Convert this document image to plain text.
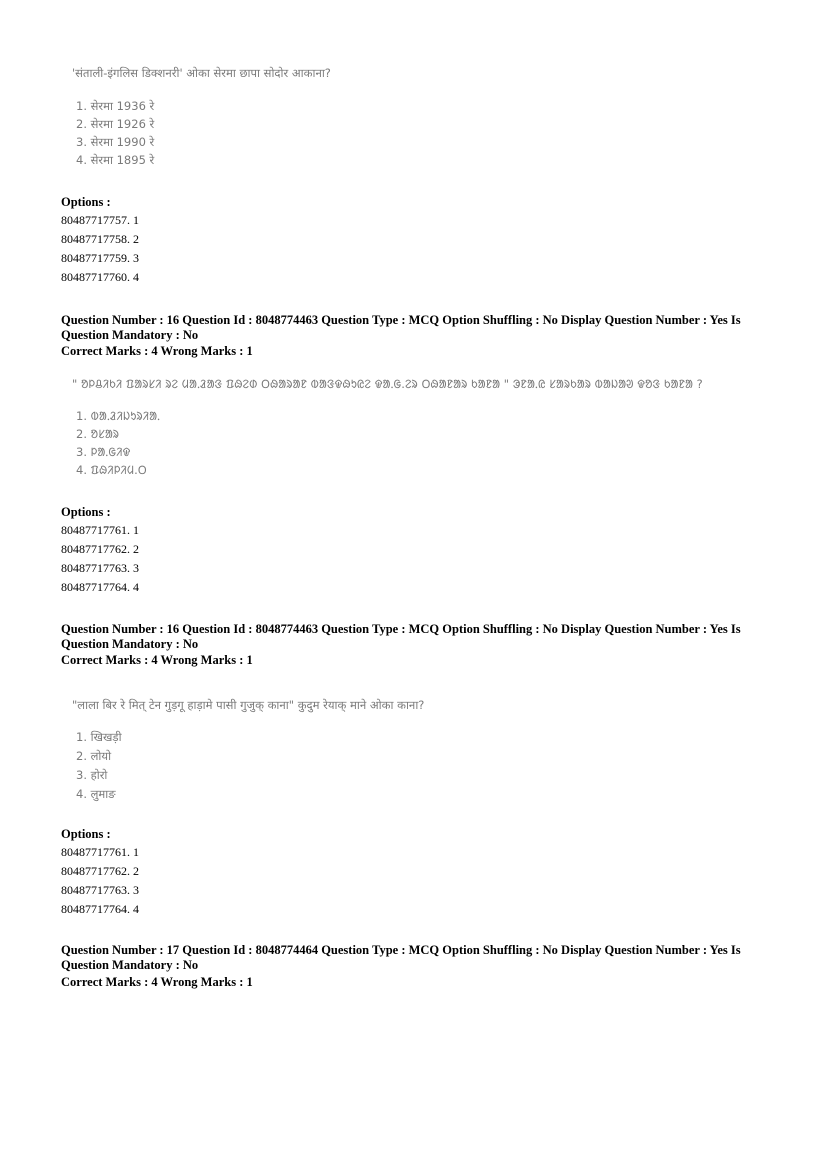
'संताली-इंगलिस डिक्शनरी' ओका सेरमा छापा सोदोर आकाना?
1. सेरमा 1936 रे
2. सेरमा 1926 रे
3. सेरमा 1990 रे
4. सेरमा 1895 रे
Options :
80487717757. 1
80487717758. 2
80487717759. 3
80487717760. 4
Question Number : 16 Question Id : 8048774463 Question Type : MCQ Option Shuffling : No Display Question Number : Yes Is
Question Mandatory : No
Correct Marks : 4 Wrong Marks : 1
" ᱚᱞᱪᱤᱠᱤ ᱯᱟᱨᱥᱤ ᱨᱮ ᱢᱟᱹᱲᱟᱝ ᱯᱷᱮᱰ ᱛᱷᱟᱨᱟᱱ ᱵᱟᱝᱫᱷᱩᱭᱮ ᱫᱟᱹᱜ.ᱮᱨ ᱛᱷᱟᱱᱟᱨ ᱠᱟᱱᱟ " ᱳᱱᱟᱹᱭ ᱥᱟᱨᱠᱟᱨ ᱵᱟᱡᱟᱣ ᱫᱚᱝ ᱠᱟᱱᱟ ?
1. ᱵᱟᱹᱲᱤᱡᱩᱨᱤᱟᱹ
2. ᱚᱥᱟᱨ
3. ᱞᱟᱹᱜᱤᱫ
4. ᱯᱷᱤᱞᱤᱢ.ᱛ
Options :
80487717761. 1
80487717762. 2
80487717763. 3
80487717764. 4
Question Number : 16 Question Id : 8048774463 Question Type : MCQ Option Shuffling : No Display Question Number : Yes Is
Question Mandatory : No
Correct Marks : 4 Wrong Marks : 1
"लाला बिर रे मित् टेन गुड़गू हाड़ामे पासी गुजुक् काना" कुदुम रेयाक् माने ओका काना?
1. खिखड़ी
2. लोयो
3. होरो
4. लुमाङ
Options :
80487717761. 1
80487717762. 2
80487717763. 3
80487717764. 4
Question Number : 17 Question Id : 8048774464 Question Type : MCQ Option Shuffling : No Display Question Number : Yes Is
Question Mandatory : No
Correct Marks : 4 Wrong Marks : 1
